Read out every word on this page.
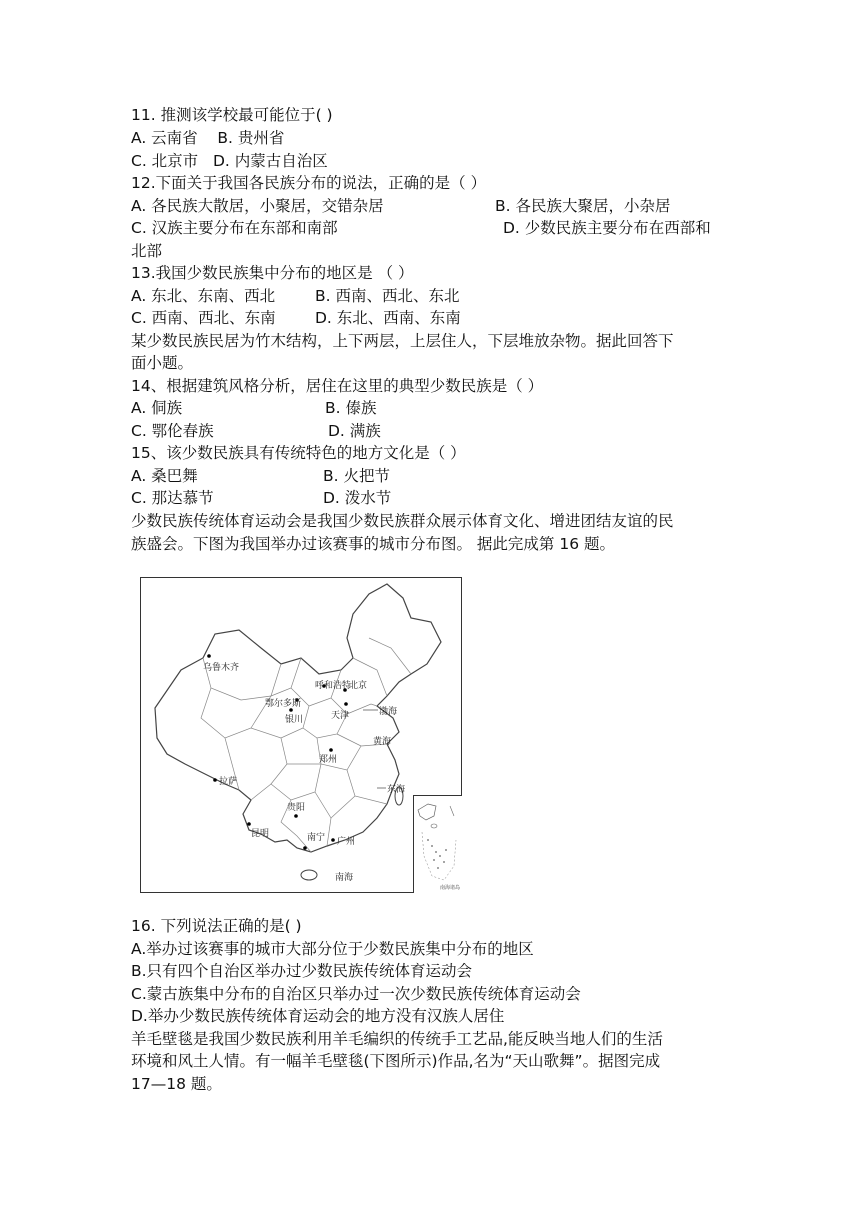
11. 推测该学校最可能位于( )
A. 云南省 B. 贵州省
C. 北京市 D. 内蒙古自治区
12.下面关于我国各民族分布的说法，正确的是（ ）
A. 各民族大散居，小聚居，交错杂居	B. 各民族大聚居，小杂居
C. 汉族主要分布在东部和南部	D. 少数民族主要分布在西部和
北部
13.我国少数民族集中分布的地区是 （ ）
A. 东北、东南、西北	B. 西南、西北、东北
C. 西南、西北、东南	D. 东北、西南、东南
某少数民族民居为竹木结构，上下两层，上层住人，下层堆放杂物。据此回答下
面小题。
14、根据建筑风格分析，居住在这里的典型少数民族是（ ）
A. 侗族	B. 傣族
C. 鄂伦春族	D. 满族
15、该少数民族具有传统特色的地方文化是（ ）
A. 桑巴舞	B. 火把节
C. 那达慕节	D. 泼水节
少数民族传统体育运动会是我国少数民族群众展示体育文化、增进团结友谊的民
族盛会。下图为我国举办过该赛事的城市分布图。 据此完成第 16 题。
乌鲁木齐
呼和浩特
北京
鄂尔多斯
银川	天津
郑州
拉萨
贵阳
昆明	南宁 广州
渤海
黄海
东海
南海
南海诸岛
16. 下列说法正确的是( )
A.举办过该赛事的城市大部分位于少数民族集中分布的地区
B.只有四个自治区举办过少数民族传统体育运动会
C.蒙古族集中分布的自治区只举办过一次少数民族传统体育运动会
D.举办少数民族传统体育运动会的地方没有汉族人居住
羊毛壁毯是我国少数民族利用羊毛编织的传统手工艺品,能反映当地人们的生活
环境和风土人情。有一幅羊毛壁毯(下图所示)作品,名为“天山歌舞”。据图完成
17—18 题。
